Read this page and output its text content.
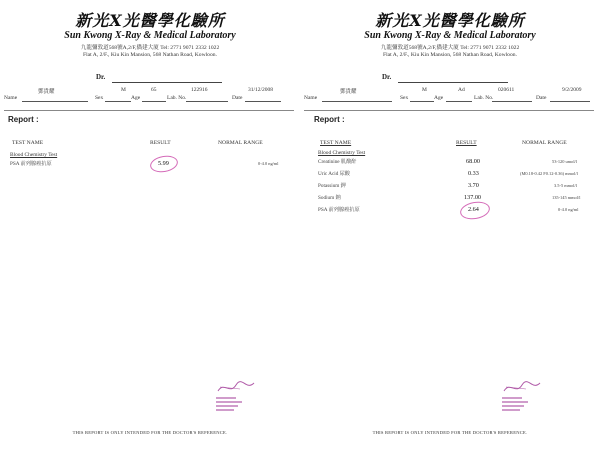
新光X光醫學化驗所
Sun Kwong X-Ray & Medical Laboratory
九龍彌敦道568號A,2/F,僑建大廈 Tel: 2771 9071 2332 1022
Flat A, 2/F., Kiu Kin Mansion, 568 Nathan Road, Kowloon.
Dr.
鄧貴耀
Name	Sex
M
Age
65
Lab. No.
122916
Date
31/12/2008
Report :
TEST NAME	RESULT	NORMAL RANGE
Blood Chemistry Test
PSA 前列腺癌抗原	5.99	0-4.0 ng/ml
THIS REPORT IS ONLY INTENDED FOR THE DOCTOR'S REFERENCE.
新光X光醫學化驗所
Sun Kwong X-Ray & Medical Laboratory
九龍彌敦道568號A,2/F,僑建大廈 Tel: 2771 9071 2332 1022
Flat A, 2/F., Kiu Kin Mansion, 568 Nathan Road, Kowloon.
Dr.
鄧貴耀
Name	Sex
M
Age
Ad
Lab. No.
020611
Date
9/2/2009
Report :
TEST NAME	RESULT	NORMAL RANGE
Blood Chemistry Test
Creatinine 肌酸酐	68.00	53-120 umol/l
Uric Acid 尿酸	0.33	(M0.18-0.42 F0.12-0.36) mmol/l
Potassium 鉀	3.70	3.5-5 mmol/l
Sodium 鈉	137.00	135-145 mmol/l
PSA 前列腺癌抗原	2.64	0-4.0 ng/ml
THIS REPORT IS ONLY INTENDED FOR THE DOCTOR'S REFERENCE.
